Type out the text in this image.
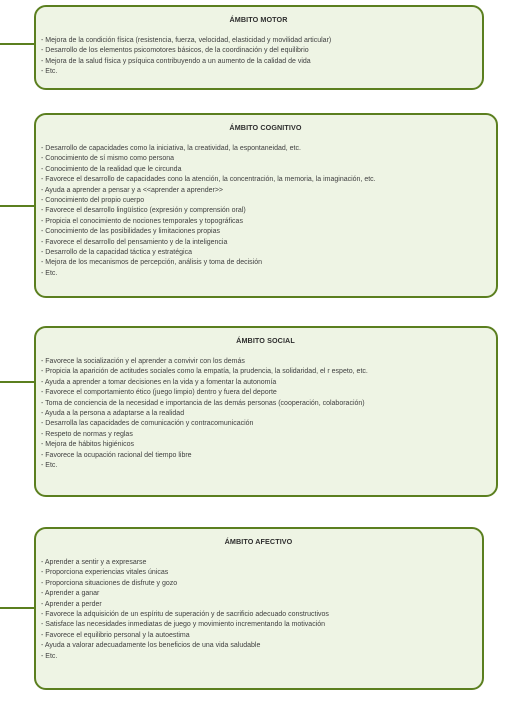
ÁMBITO MOTOR
- Mejora de la condición física (resistencia, fuerza, velocidad, elasticidad y movilidad articular)
- Desarrollo de los elementos psicomotores básicos, de la coordinación y del equilibrio
- Mejora de la salud física y psíquica contribuyendo a un aumento de la calidad de vida
- Etc.
ÁMBITO COGNITIVO
- Desarrollo de capacidades como la iniciativa, la creatividad, la espontaneidad, etc.
- Conocimiento de sí mismo como persona
- Conocimiento de la realidad que le circunda
- Favorece el desarrollo de capacidades cono la atención, la concentración, la memoria, la imaginación, etc.
- Ayuda a aprender a pensar y a <<aprender a aprender>>
- Conocimiento del propio cuerpo
- Favorece el desarrollo lingüístico (expresión y comprensión oral)
- Propicia el conocimiento de nociones temporales y topográficas
- Conocimiento de las posibilidades y limitaciones propias
- Favorece el desarrollo del pensamiento y de la inteligencia
- Desarrollo de la capacidad táctica y estratégica
- Mejora de los mecanismos de percepción, análisis y toma de decisión
- Etc.
ÁMBITO SOCIAL
- Favorece la socialización y el aprender a convivir con los demás
- Propicia la aparición de actitudes sociales como la empatía, la prudencia, la solidaridad, el r espeto, etc.
- Ayuda a aprender a tomar decisiones en la vida y a fomentar la autonomía
- Favorece el comportamiento ético (juego limpio) dentro y fuera del deporte
- Toma de conciencia de la necesidad e importancia de las demás personas (cooperación, colaboración)
- Ayuda a la persona a adaptarse a la realidad
- Desarrolla las capacidades de comunicación y contracomunicación
- Respeto de normas y reglas
- Mejora de hábitos higiénicos
- Favorece la ocupación racional del tiempo libre
- Etc.
ÁMBITO AFECTIVO
- Aprender a sentir y a expresarse
- Proporciona experiencias vitales únicas
- Proporciona situaciones de disfrute y gozo
- Aprender a ganar
- Aprender a perder
- Favorece la adquisición de un espíritu de superación y de sacrificio adecuado constructivos
- Satisface las necesidades inmediatas de juego y movimiento incrementando la motivación
- Favorece el equilibrio personal y la autoestima
- Ayuda a valorar adecuadamente los beneficios de una vida saludable
- Etc.
